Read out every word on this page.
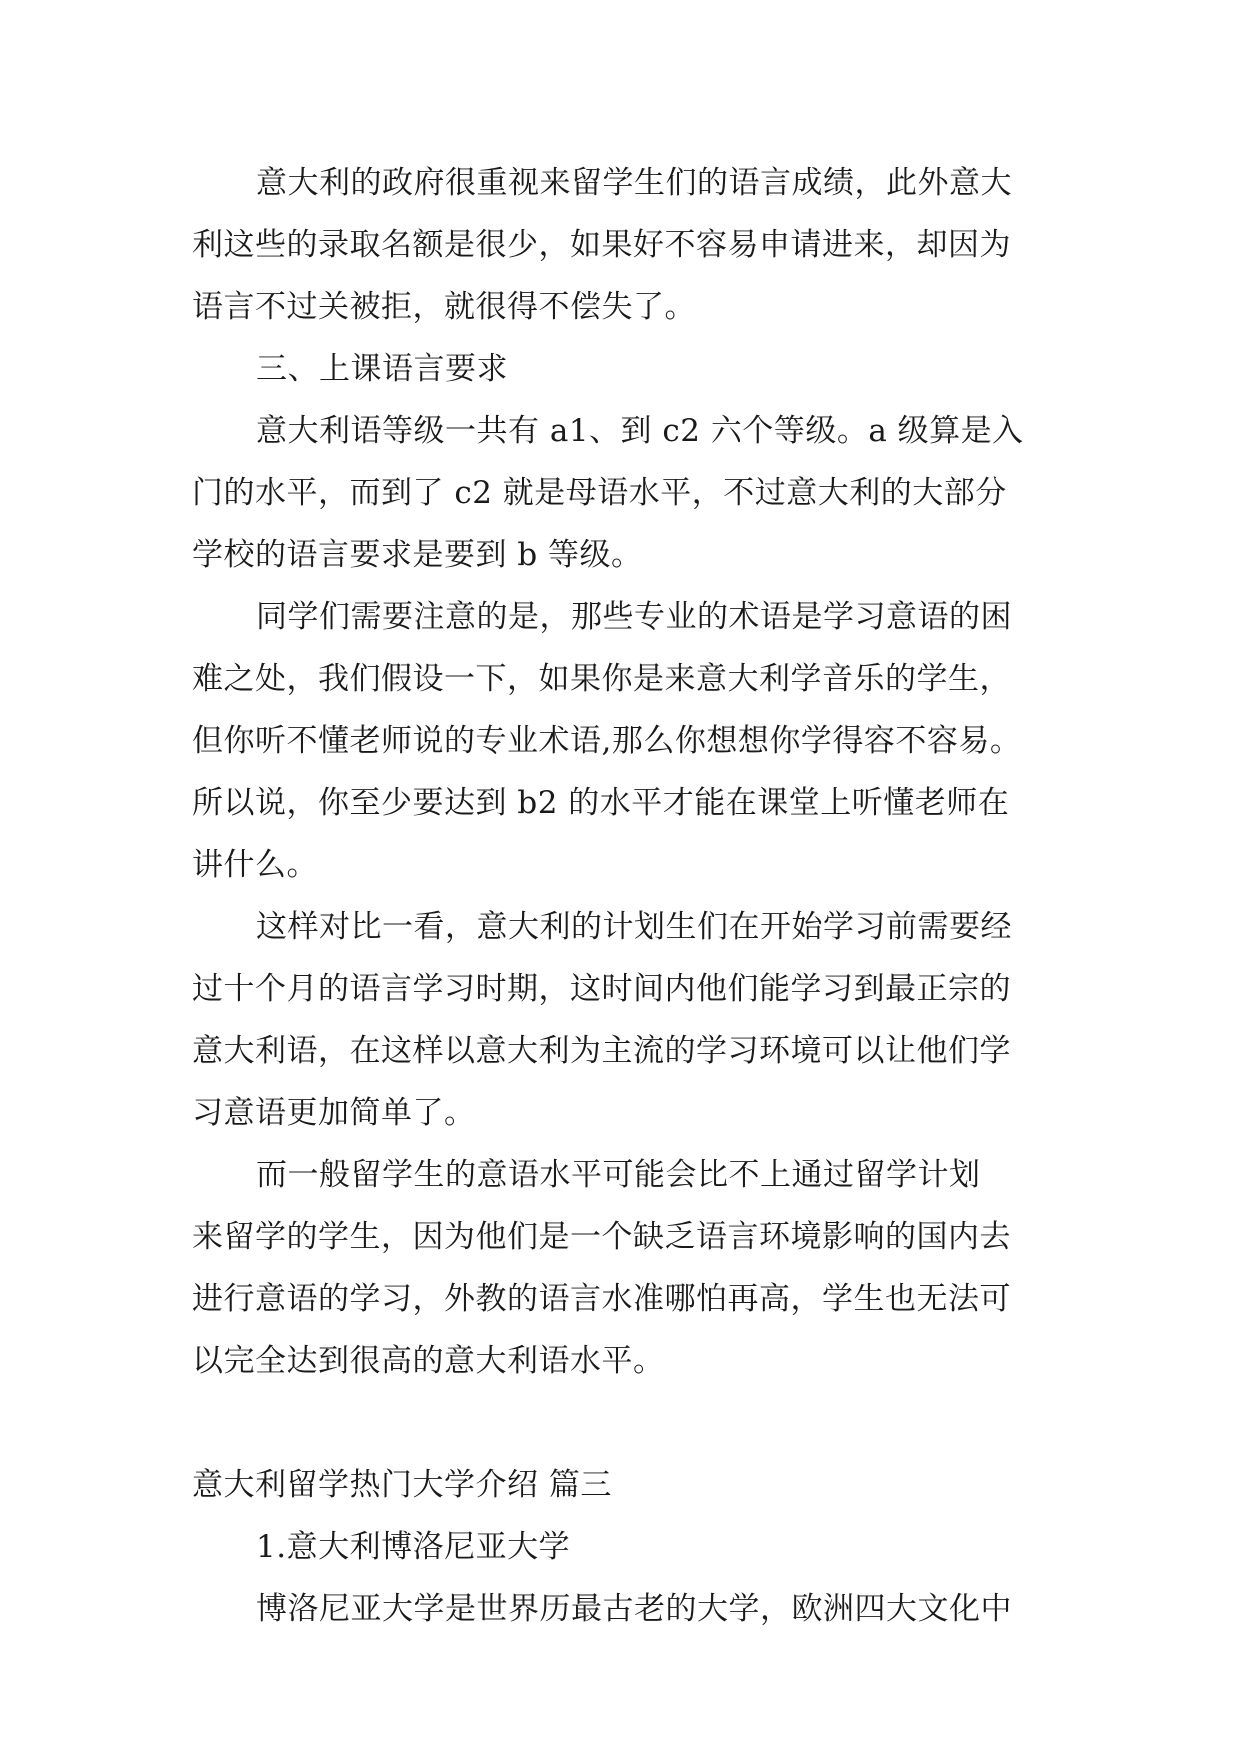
意大利的政府很重视来留学生们的语言成绩，此外意大
利这些的录取名额是很少，如果好不容易申请进来，却因为
语言不过关被拒，就很得不偿失了。
三、上课语言要求
意大利语等级一共有 a1、到 c2 六个等级。a 级算是入
门的水平，而到了 c2 就是母语水平，不过意大利的大部分
学校的语言要求是要到 b 等级。
同学们需要注意的是，那些专业的术语是学习意语的困
难之处，我们假设一下，如果你是来意大利学音乐的学生，
但你听不懂老师说的专业术语,那么你想想你学得容不容易。
所以说，你至少要达到 b2 的水平才能在课堂上听懂老师在
讲什么。
这样对比一看，意大利的计划生们在开始学习前需要经
过十个月的语言学习时期，这时间内他们能学习到最正宗的
意大利语，在这样以意大利为主流的学习环境可以让他们学
习意语更加简单了。
而一般留学生的意语水平可能会比不上通过留学计划
来留学的学生，因为他们是一个缺乏语言环境影响的国内去
进行意语的学习，外教的语言水准哪怕再高，学生也无法可
以完全达到很高的意大利语水平。
意大利留学热门大学介绍 篇三
1.意大利博洛尼亚大学
博洛尼亚大学是世界历最古老的大学，欧洲四大文化中
